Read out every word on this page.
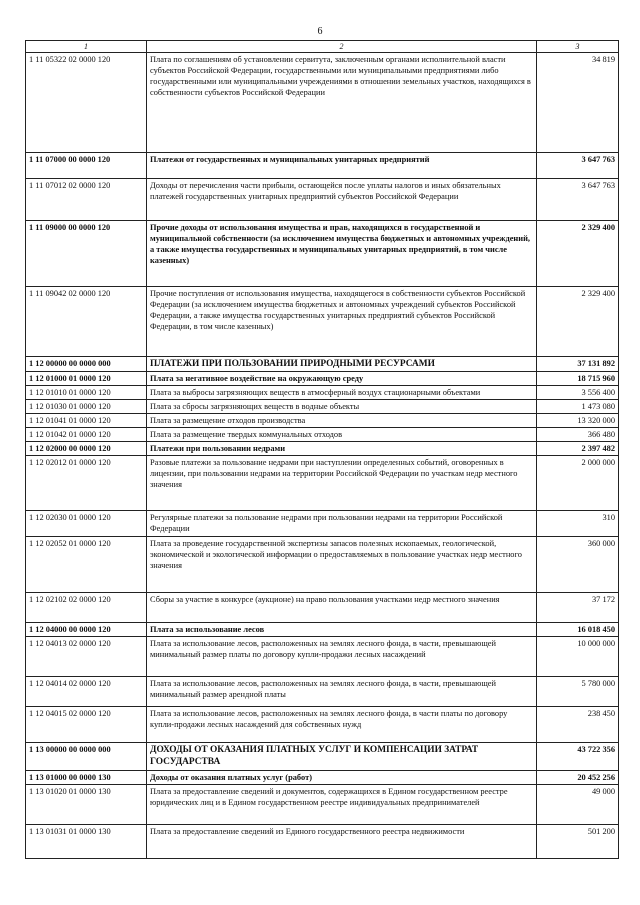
6
1	2	3
1 11 05322 02 0000 120	Плата по соглашениям об установлении сервитута, заключенным органами исполнительной власти субъектов Российской Федерации, государственными или муниципальными предприятиями либо государственными или муниципальными учреждениями в отношении земельных участков, находящихся в собственности субъектов Российской Федерации	34 819
1 11 07000 00 0000 120	Платежи от государственных и муниципальных унитарных предприятий	3 647 763
1 11 07012 02 0000 120	Доходы от перечисления части прибыли, остающейся после уплаты налогов и иных обязательных платежей государственных унитарных предприятий субъектов Российской Федерации	3 647 763
1 11 09000 00 0000 120	Прочие доходы от использования имущества и прав, находящихся в государственной и муниципальной собственности (за исключением имущества бюджетных и автономных учреждений, а также имущества государственных и муниципальных унитарных предприятий, в том числе казенных)	2 329 400
1 11 09042 02 0000 120	Прочие поступления от использования имущества, находящегося в собственности субъектов Российской Федерации (за исключением имущества бюджетных и автономных учреждений субъектов Российской Федерации, а также имущества государственных унитарных предприятий субъектов Российской Федерации, в том числе казенных)	2 329 400
1 12 00000 00 0000 000	ПЛАТЕЖИ ПРИ ПОЛЬЗОВАНИИ ПРИРОДНЫМИ РЕСУРСАМИ	37 131 892
1 12 01000 01 0000 120	Плата за негативное воздействие на окружающую среду	18 715 960
1 12 01010 01 0000 120	Плата за выбросы загрязняющих веществ в атмосферный воздух стационарными объектами	3 556 400
1 12 01030 01 0000 120	Плата за сбросы загрязняющих веществ в водные объекты	1 473 080
1 12 01041 01 0000 120	Плата за размещение отходов производства	13 320 000
1 12 01042 01 0000 120	Плата за размещение твердых коммунальных отходов	366 480
1 12 02000 00 0000 120	Платежи при пользовании недрами	2 397 482
1 12 02012 01 0000 120	Разовые платежи за пользование недрами при наступлении определенных событий, оговоренных в лицензии, при пользовании недрами на территории Российской Федерации по участкам недр местного значения	2 000 000
1 12 02030 01 0000 120	Регулярные платежи за пользование недрами при пользовании недрами на территории Российской Федерации	310
1 12 02052 01 0000 120	Плата за проведение государственной экспертизы запасов полезных ископаемых, геологической, экономической и экологической информации о предоставляемых в пользование участках недр местного значения	360 000
1 12 02102 02 0000 120	Сборы за участие в конкурсе (аукционе) на право пользования участками недр местного значения	37 172
1 12 04000 00 0000 120	Плата за использование лесов	16 018 450
1 12 04013 02 0000 120	Плата за использование лесов, расположенных на землях лесного фонда, в части, превышающей минимальный размер платы по договору купли-продажи лесных насаждений	10 000 000
1 12 04014 02 0000 120	Плата за использование лесов, расположенных на землях лесного фонда, в части, превышающей минимальный размер арендной платы	5 780 000
1 12 04015 02 0000 120	Плата за использование лесов, расположенных на землях лесного фонда, в части платы по договору купли-продажи лесных насаждений для собственных нужд	238 450
1 13 00000 00 0000 000	ДОХОДЫ ОТ ОКАЗАНИЯ ПЛАТНЫХ УСЛУГ И КОМПЕНСАЦИИ ЗАТРАТ ГОСУДАРСТВА	43 722 356
1 13 01000 00 0000 130	Доходы от оказания платных услуг (работ)	20 452 256
1 13 01020 01 0000 130	Плата за предоставление сведений и документов, содержащихся в Едином государственном реестре юридических лиц и в Едином государственном реестре индивидуальных предпринимателей	49 000
1 13 01031 01 0000 130	Плата за предоставление сведений из Единого государственного реестра недвижимости	501 200
